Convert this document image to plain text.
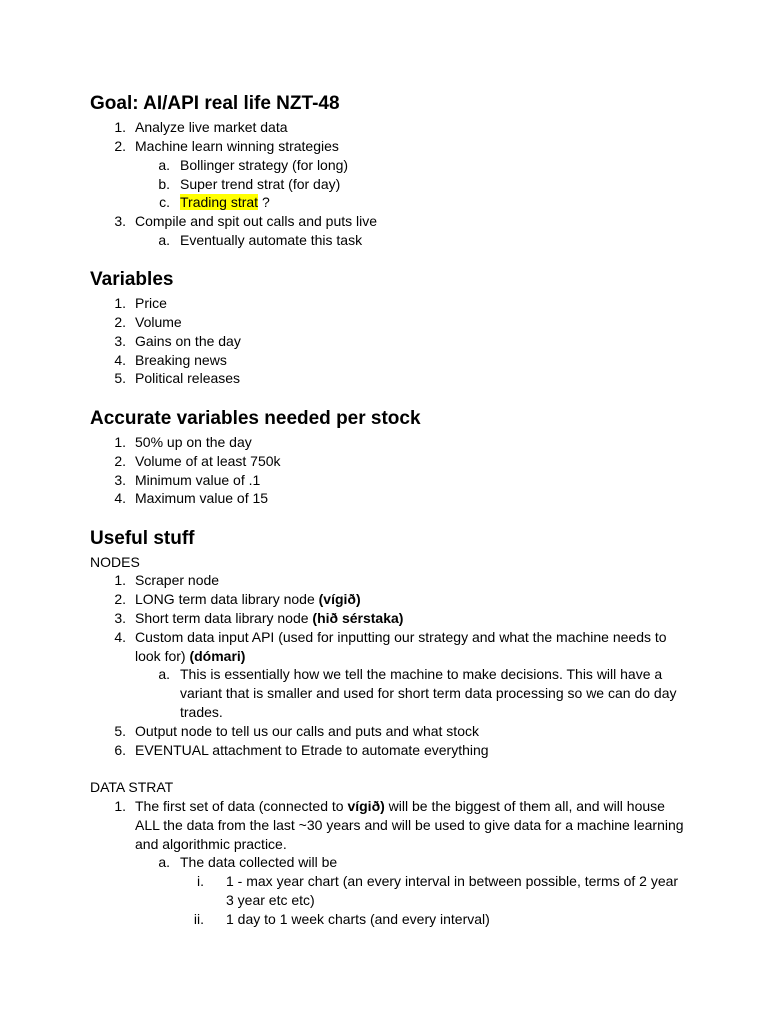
Goal: AI/API real life NZT-48
1. Analyze live market data
2. Machine learn winning strategies
a. Bollinger strategy (for long)
b. Super trend strat (for day)
c. Trading strat ?
3. Compile and spit out calls and puts live
a. Eventually automate this task
Variables
1. Price
2. Volume
3. Gains on the day
4. Breaking news
5. Political releases
Accurate variables needed per stock
1. 50% up on the day
2. Volume of at least 750k
3. Minimum value of .1
4. Maximum value of 15
Useful stuff
NODES
1. Scraper node
2. LONG term data library node (vígið)
3. Short term data library node (hið sérstaka)
4. Custom data input API (used for inputting our strategy and what the machine needs to
look for) (dómari)
a. This is essentially how we tell the machine to make decisions. This will have a
variant that is smaller and used for short term data processing so we can do day
trades.
5. Output node to tell us our calls and puts and what stock
6. EVENTUAL attachment to Etrade to automate everything
DATA STRAT
1. The first set of data (connected to vígið) will be the biggest of them all, and will house
ALL the data from the last ~30 years and will be used to give data for a machine learning
and algorithmic practice.
a. The data collected will be
i. 1 - max year chart (an every interval in between possible, terms of 2 year
3 year etc etc)
ii. 1 day to 1 week charts (and every interval)
